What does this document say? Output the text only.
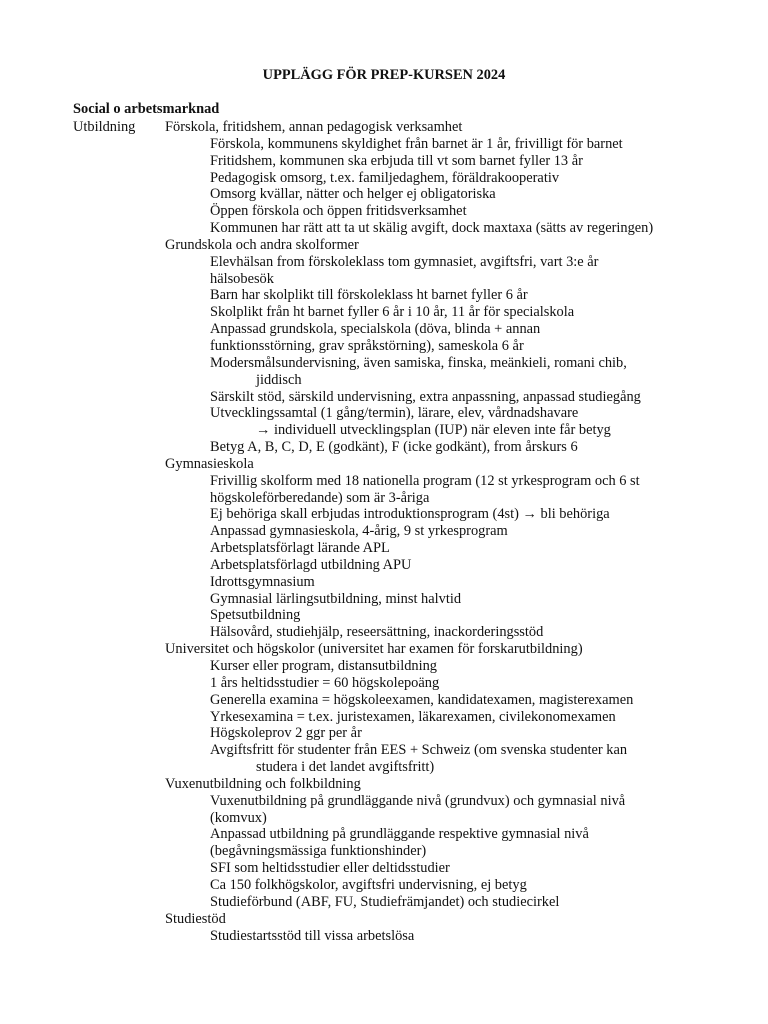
UPPLÄGG FÖR PREP-KURSEN 2024

Social o arbetsmarknad

Utbildning Förskola, fritidshem, annan pedagogisk verksamhet
Förskola, kommunens skyldighet från barnet är 1 år, frivilligt för barnet
Fritidshem, kommunen ska erbjuda till vt som barnet fyller 13 år
Pedagogisk omsorg, t.ex. familjedaghem, föräldrakooperativ
Omsorg kvällar, nätter och helger ej obligatoriska
Öppen förskola och öppen fritidsverksamhet
Kommunen har rätt att ta ut skälig avgift, dock maxtaxa (sätts av regeringen)
Grundskola och andra skolformer
Elevhälsan from förskoleklass tom gymnasiet, avgiftsfri, vart 3:e år
hälsobesök
Barn har skolplikt till förskoleklass ht barnet fyller 6 år
Skolplikt från ht barnet fyller 6 år i 10 år, 11 år för specialskola
Anpassad grundskola, specialskola (döva, blinda + annan
funktionsstörning, grav språkstörning), sameskola 6 år
Modersmålsundervisning, även samiska, finska, meänkieli, romani chib,
jiddisch
Särskilt stöd, särskild undervisning, extra anpassning, anpassad studiegång
Utvecklingssamtal (1 gång/termin), lärare, elev, vårdnadshavare
→ individuell utvecklingsplan (IUP) när eleven inte får betyg
Betyg A, B, C, D, E (godkänt), F (icke godkänt), from årskurs 6
Gymnasieskola
Frivillig skolform med 18 nationella program (12 st yrkesprogram och 6 st
högskoleförberedande) som är 3-åriga
Ej behöriga skall erbjudas introduktionsprogram (4st) → bli behöriga
Anpassad gymnasieskola, 4-årig, 9 st yrkesprogram
Arbetsplatsförlagt lärande APL
Arbetsplatsförlagd utbildning APU
Idrottsgymnasium
Gymnasial lärlingsutbildning, minst halvtid
Spetsutbildning
Hälsovård, studiehjälp, reseersättning, inackorderingsstöd
Universitet och högskolor (universitet har examen för forskarutbildning)
Kurser eller program, distansutbildning
1 års heltidsstudier = 60 högskolepoäng
Generella examina = högskoleexamen, kandidatexamen, magisterexamen
Yrkesexamina = t.ex. juristexamen, läkarexamen, civilekonomexamen
Högskoleprov 2 ggr per år
Avgiftsfritt för studenter från EES + Schweiz (om svenska studenter kan
studera i det landet avgiftsfritt)
Vuxenutbildning och folkbildning
Vuxenutbildning på grundläggande nivå (grundvux) och gymnasial nivå
(komvux)
Anpassad utbildning på grundläggande respektive gymnasial nivå
(begåvningsmässiga funktionshinder)
SFI som heltidsstudier eller deltidsstudier
Ca 150 folkhögskolor, avgiftsfri undervisning, ej betyg
Studieförbund (ABF, FU, Studiefrämjandet) och studiecirkel
Studiestöd
Studiestartsstöd till vissa arbetslösa
